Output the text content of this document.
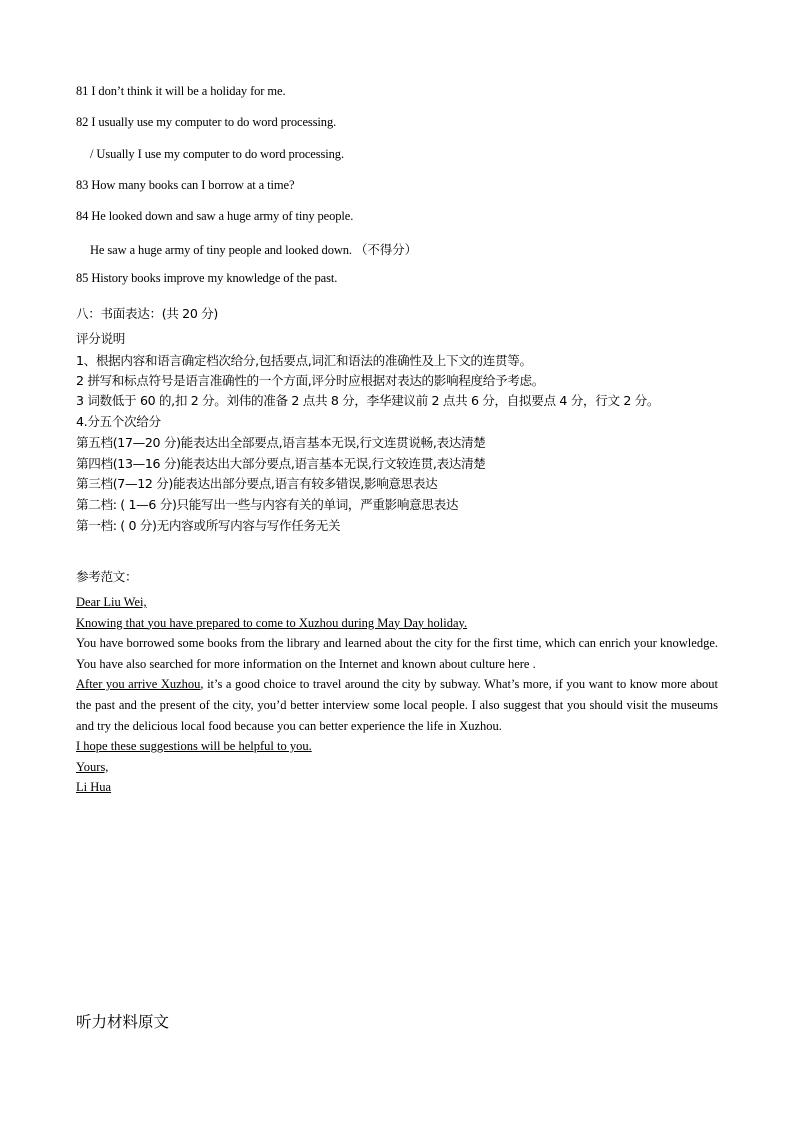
81 I don’t think it will be a holiday for me.
82 I usually use my computer to do word processing.
/ Usually I use my computer to do word processing.
83 How many books can I borrow at a time?
84 He looked down and saw a huge army of tiny people.
He saw a huge army of tiny people and looked down. （不得分）
85 History books improve my knowledge of the past.
八：书面表达：(共 20 分)
评分说明
1、根据内容和语言确定档次给分,包括要点,词汇和语法的准确性及上下文的连贯等。
2 拼写和标点符号是语言准确性的一个方面,评分时应根据对表达的影响程度给予考虑。
3 词数低于 60 的,扣 2 分。刘伟的准备 2 点共 8 分，李华建议前 2 点共 6 分，自拟要点 4 分，行文 2 分。
4.分五个次给分
第五档(17—20 分)能表达出全部要点,语言基本无误,行文连贯说畅,表达清楚
第四档(13—16 分)能表达出大部分要点,语言基本无误,行文较连贯,表达清楚
第三档(7—12 分)能表达出部分要点,语言有较多错误,影响意思表达
第二档: ( 1—6 分)只能写出一些与内容有关的单词，严重影响意思表达
第一档: ( 0 分)无内容或所写内容与写作任务无关
参考范文：

Dear Liu Wei,

Knowing that you have prepared to come to Xuzhou during May Day holiday.

You have borrowed some books from the library and learned about the city for the first time, which can enrich your knowledge. You have also searched for more information on the Internet and known about culture here .

After you arrive Xuzhou, it’s a good choice to travel around the city by subway. What’s more, if you want to know more about the past and the present of the city, you’d better interview some local people. I also suggest that you should visit the museums and try the delicious local food because you can better experience the life in Xuzhou.

I hope these suggestions will be helpful to you.

Yours,

Li Hua

听力材料原文
